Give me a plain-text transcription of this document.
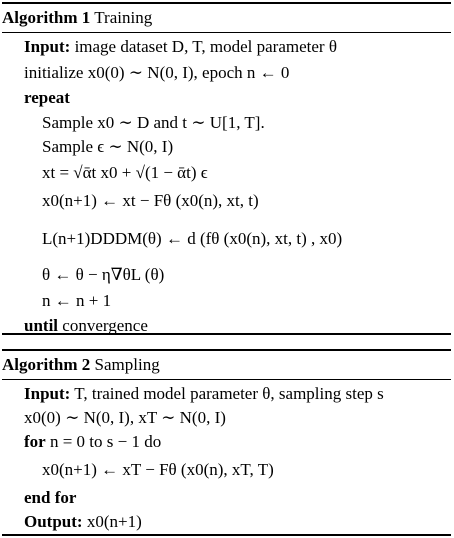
Algorithm 1 Training
Input: image dataset D, T, model parameter θ
initialize x0(0) ∼ N(0, I), epoch n ← 0
repeat
Sample x0 ∼ D and t ∼ U[1, T].
Sample ϵ ∼ N(0, I)
xt = √ᾱt x0 + √(1 − ᾱt) ϵ
x0(n+1) ← xt − Fθ (x0(n), xt, t)
L(n+1)DDDM(θ) ← d (fθ (x0(n), xt, t) , x0)
θ ← θ − η∇θL (θ)
n ← n + 1
until convergence
Algorithm 2 Sampling
Input: T, trained model parameter θ, sampling step s
x0(0) ∼ N(0, I), xT ∼ N(0, I)
for n = 0 to s − 1 do
x0(n+1) ← xT − Fθ (x0(n), xT, T)
end for
Output: x0(n+1)
